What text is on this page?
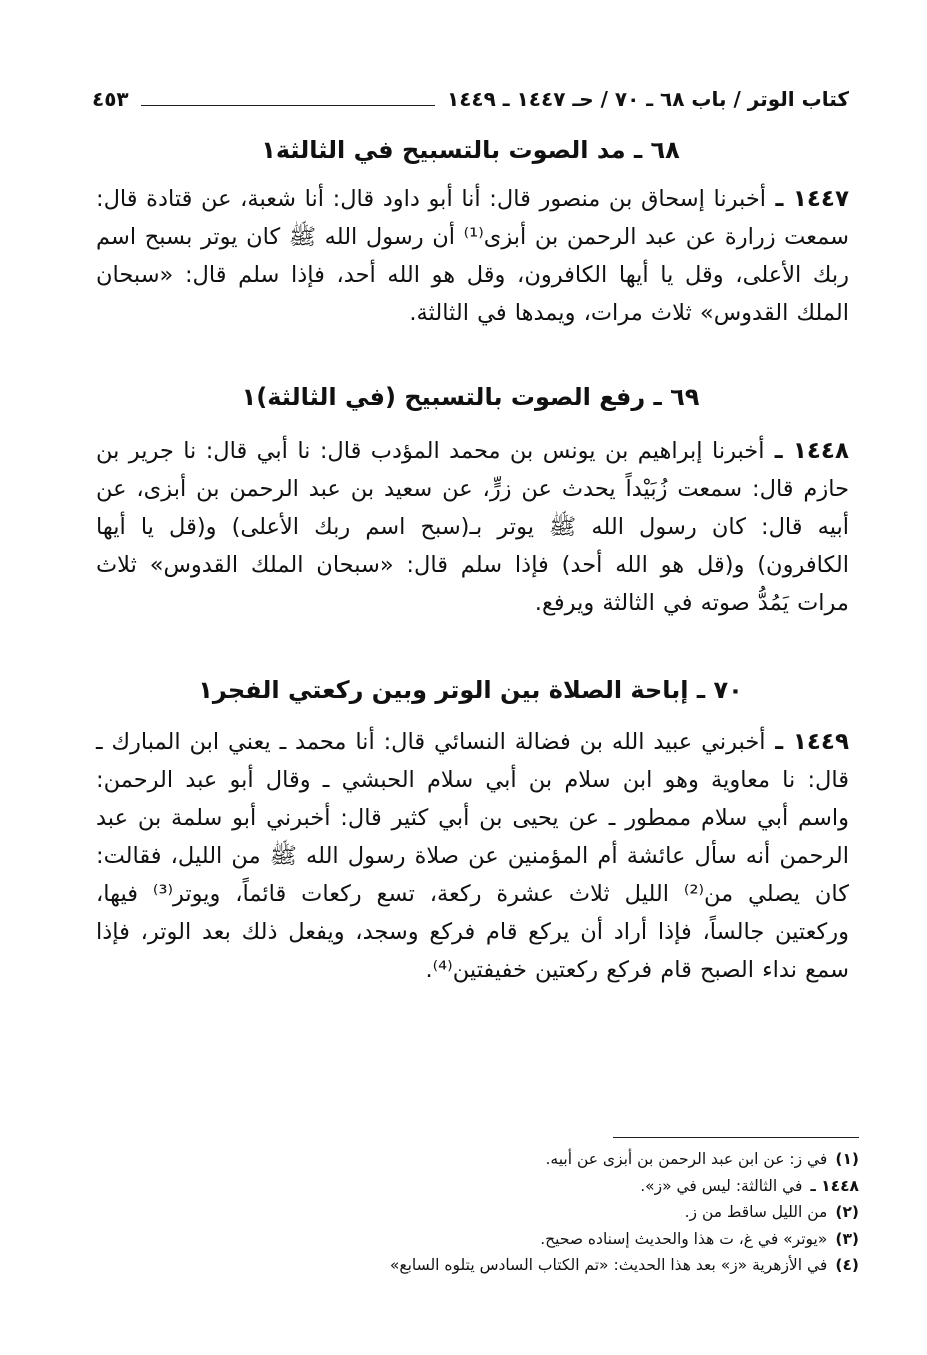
كتاب الوتر / باب ٦٨ ـ ٧٠ / حـ ١٤٤٧ ـ ١٤٤٩
٤٥٣
٦٨ ـ مد الصوت بالتسبيح في الثالثة١
١٤٤٧ ـ أخبرنا إسحاق بن منصور قال: أنا أبو داود قال: أنا شعبة، عن قتادة قال: سمعت زرارة عن عبد الرحمن بن أبزى⁽¹⁾ أن رسول الله ﷺ كان يوتر بسبح اسم ربك الأعلى، وقل يا أيها الكافرون، وقل هو الله أحد، فإذا سلم قال: «سبحان الملك القدوس» ثلاث مرات، ويمدها في الثالثة.
٦٩ ـ رفع الصوت بالتسبيح (في الثالثة)١
١٤٤٨ ـ أخبرنا إبراهيم بن يونس بن محمد المؤدب قال: نا أبي قال: نا جرير بن حازم قال: سمعت زُبَيْداً يحدث عن زرٍّ، عن سعيد بن عبد الرحمن بن أبزى، عن أبيه قال: كان رسول الله ﷺ يوتر بـ(سبح اسم ربك الأعلى) و(قل يا أيها الكافرون) و(قل هو الله أحد) فإذا سلم قال: «سبحان الملك القدوس» ثلاث مرات يَمُدُّ صوته في الثالثة ويرفع.
٧٠ ـ إباحة الصلاة بين الوتر وبين ركعتي الفجر١
١٤٤٩ ـ أخبرني عبيد الله بن فضالة النسائي قال: أنا محمد ـ يعني ابن المبارك ـ قال: نا معاوية وهو ابن سلام بن أبي سلام الحبشي ـ وقال أبو عبد الرحمن: واسم أبي سلام ممطور ـ عن يحيى بن أبي كثير قال: أخبرني أبو سلمة بن عبد الرحمن أنه سأل عائشة أم المؤمنين عن صلاة رسول الله ﷺ من الليل، فقالت: كان يصلي من⁽²⁾ الليل ثلاث عشرة ركعة، تسع ركعات قائماً، ويوتر⁽³⁾ فيها، وركعتين جالساً، فإذا أراد أن يركع قام فركع وسجد، ويفعل ذلك بعد الوتر، فإذا سمع نداء الصبح قام فركع ركعتين خفيفتين⁽⁴⁾.
(١)
في ز: عن ابن عبد الرحمن بن أبزى عن أبيه.
١٤٤٨ ـ
في الثالثة: ليس في «ز».
(٢)
من الليل ساقط من ز.
(٣)
«يوتر» في غ، ت هذا والحديث إسناده صحيح.
(٤)
في الأزهرية «ز» بعد هذا الحديث: «تم الكتاب السادس يتلوه السابع»
